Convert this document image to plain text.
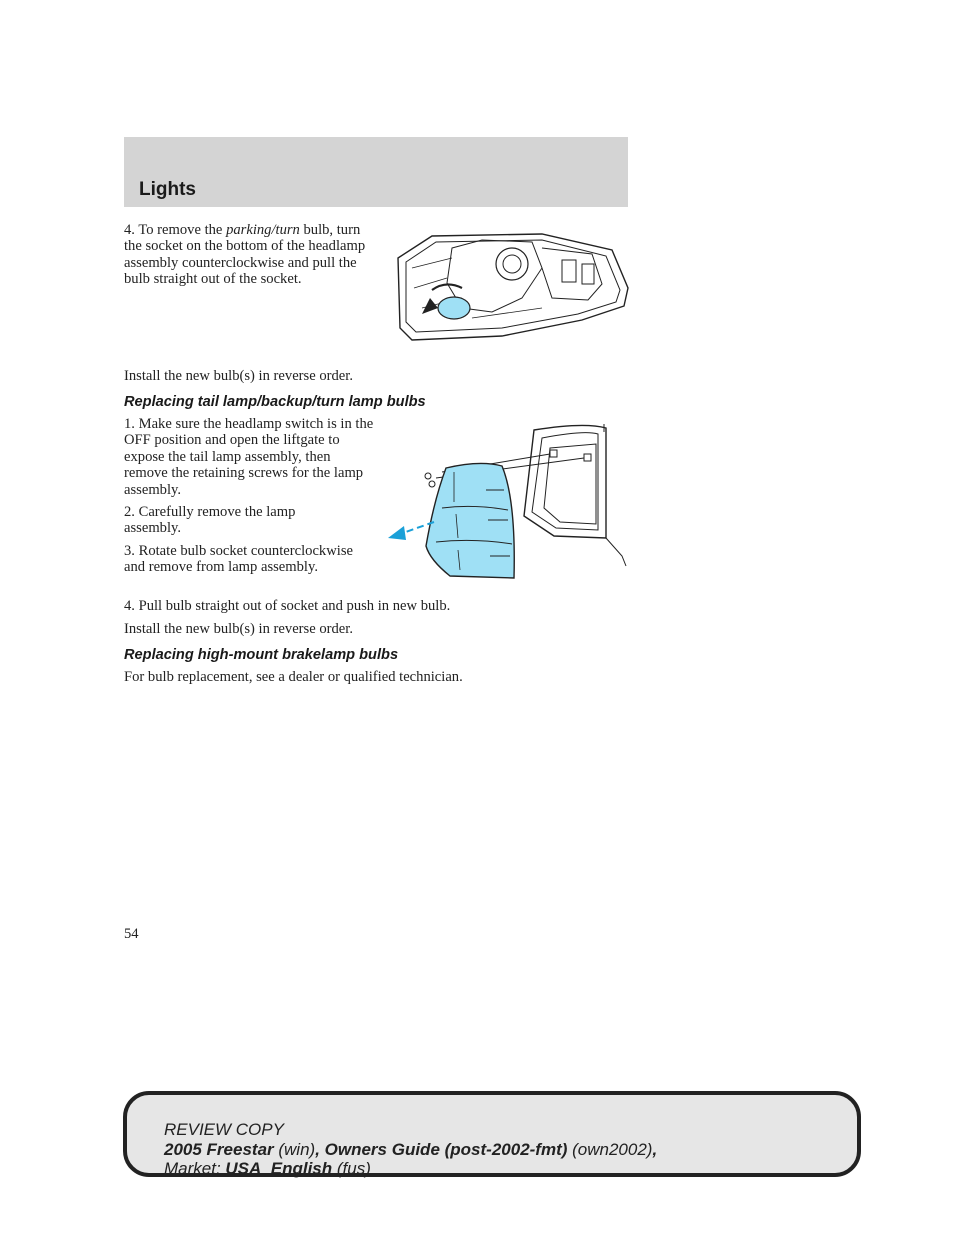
Lights
4. To remove the parking/turn bulb, turn the socket on the bottom of the headlamp assembly counterclockwise and pull the bulb straight out of the socket.
Install the new bulb(s) in reverse order.
Replacing tail lamp/backup/turn lamp bulbs
1. Make sure the headlamp switch is in the OFF position and open the liftgate to expose the tail lamp assembly, then remove the retaining screws for the lamp assembly.
2. Carefully remove the lamp assembly.
3. Rotate bulb socket counterclockwise and remove from lamp assembly.
4. Pull bulb straight out of socket and push in new bulb.
Install the new bulb(s) in reverse order.
Replacing high-mount brakelamp bulbs
For bulb replacement, see a dealer or qualified technician.
54
REVIEW COPY
2005 Freestar (win), Owners Guide (post-2002-fmt) (own2002),
Market: USA_English (fus)
